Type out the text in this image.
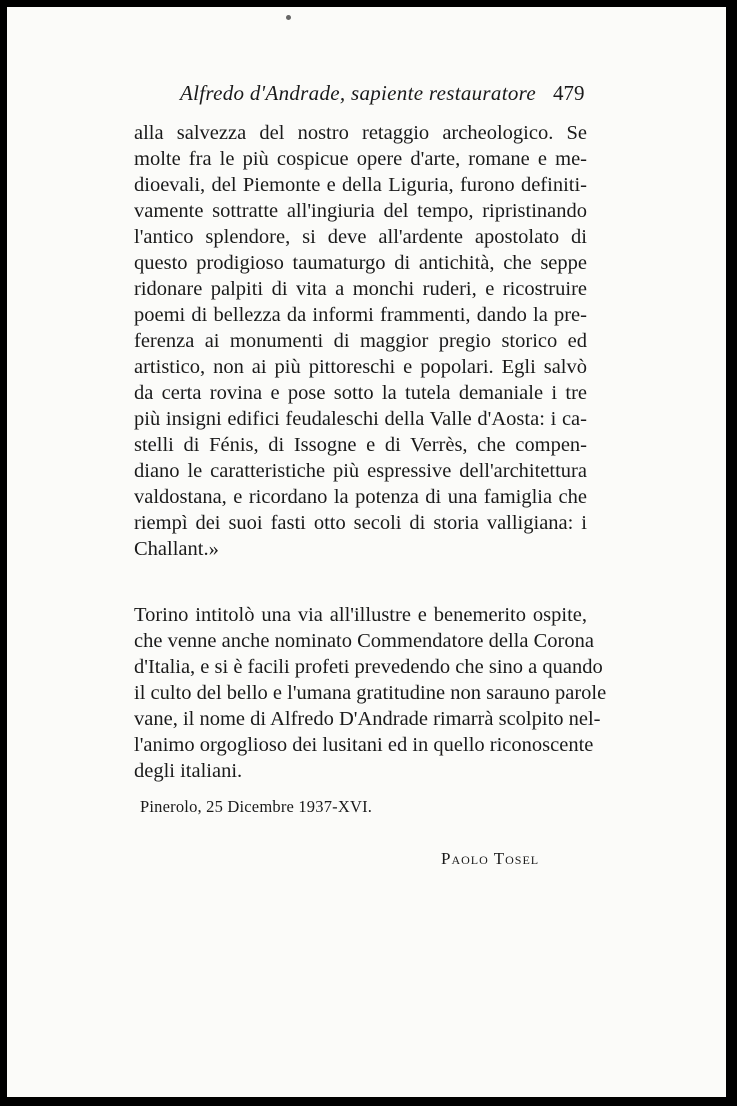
Alfredo d'Andrade, sapiente restauratore 479
alla salvezza del nostro retaggio archeologico. Se
molte fra le più cospicue opere d'arte, romane e me-
dioevali, del Piemonte e della Liguria, furono definiti-
vamente sottratte all'ingiuria del tempo, ripristinando
l'antico splendore, si deve all'ardente apostolato di
questo prodigioso taumaturgo di antichità, che seppe
ridonare palpiti di vita a monchi ruderi, e ricostruire
poemi di bellezza da informi frammenti, dando la pre-
ferenza ai monumenti di maggior pregio storico ed
artistico, non ai più pittoreschi e popolari. Egli salvò
da certa rovina e pose sotto la tutela demaniale i tre
più insigni edifici feudaleschi della Valle d'Aosta: i ca-
stelli di Fénis, di Issogne e di Verrès, che compen-
diano le caratteristiche più espressive dell'architettura
valdostana, e ricordano la potenza di una famiglia che
riempì dei suoi fasti otto secoli di storia valligiana: i
Challant.»
Torino intitolò una via all'illustre e benemerito ospite,
che venne anche nominato Commendatore della Corona
d'Italia, e si è facili profeti prevedendo che sino a quando
il culto del bello e l'umana gratitudine non sarauno parole
vane, il nome di Alfredo D'Andrade rimarrà scolpito nel-
l'animo orgoglioso dei lusitani ed in quello riconoscente
degli italiani.
Pinerolo, 25 Dicembre 1937-XVI.
Paolo Tosel
